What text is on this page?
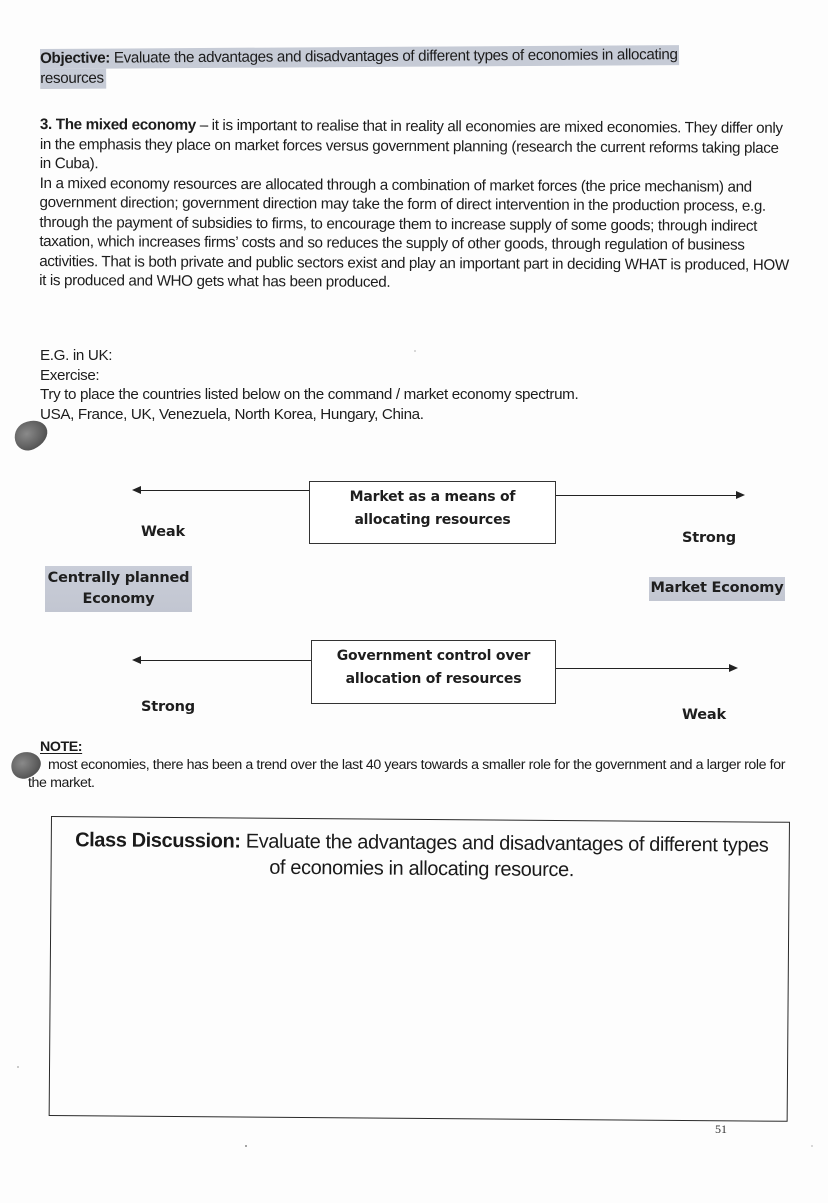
Objective: Evaluate the advantages and disadvantages of different types of economies in allocating resources

3. The mixed economy – it is important to realise that in reality all economies are mixed economies. They differ only in the emphasis they place on market forces versus government planning (research the current reforms taking place in Cuba).

In a mixed economy resources are allocated through a combination of market forces (the price mechanism) and government direction; government direction may take the form of direct intervention in the production process, e.g. through the payment of subsidies to firms, to encourage them to increase supply of some goods; through indirect taxation, which increases firms’ costs and so reduces the supply of other goods, through regulation of business activities. That is both private and public sectors exist and play an important part in deciding WHAT is produced, HOW it is produced and WHO gets what has been produced.

E.G. in UK:
Exercise:
Try to place the countries listed below on the command / market economy spectrum.
USA, France, UK, Venezuela, North Korea, Hungary, China.
Market as a means of
allocating resources
Weak	Strong
Centrally planned
Economy
Market Economy
Government control over
allocation of resources
Strong	Weak
NOTE:
most economies, there has been a trend over the last 40 years towards a smaller role for the government and a larger role for the market.
Class Discussion: Evaluate the advantages and disadvantages of different types of economies in allocating resource.
51
